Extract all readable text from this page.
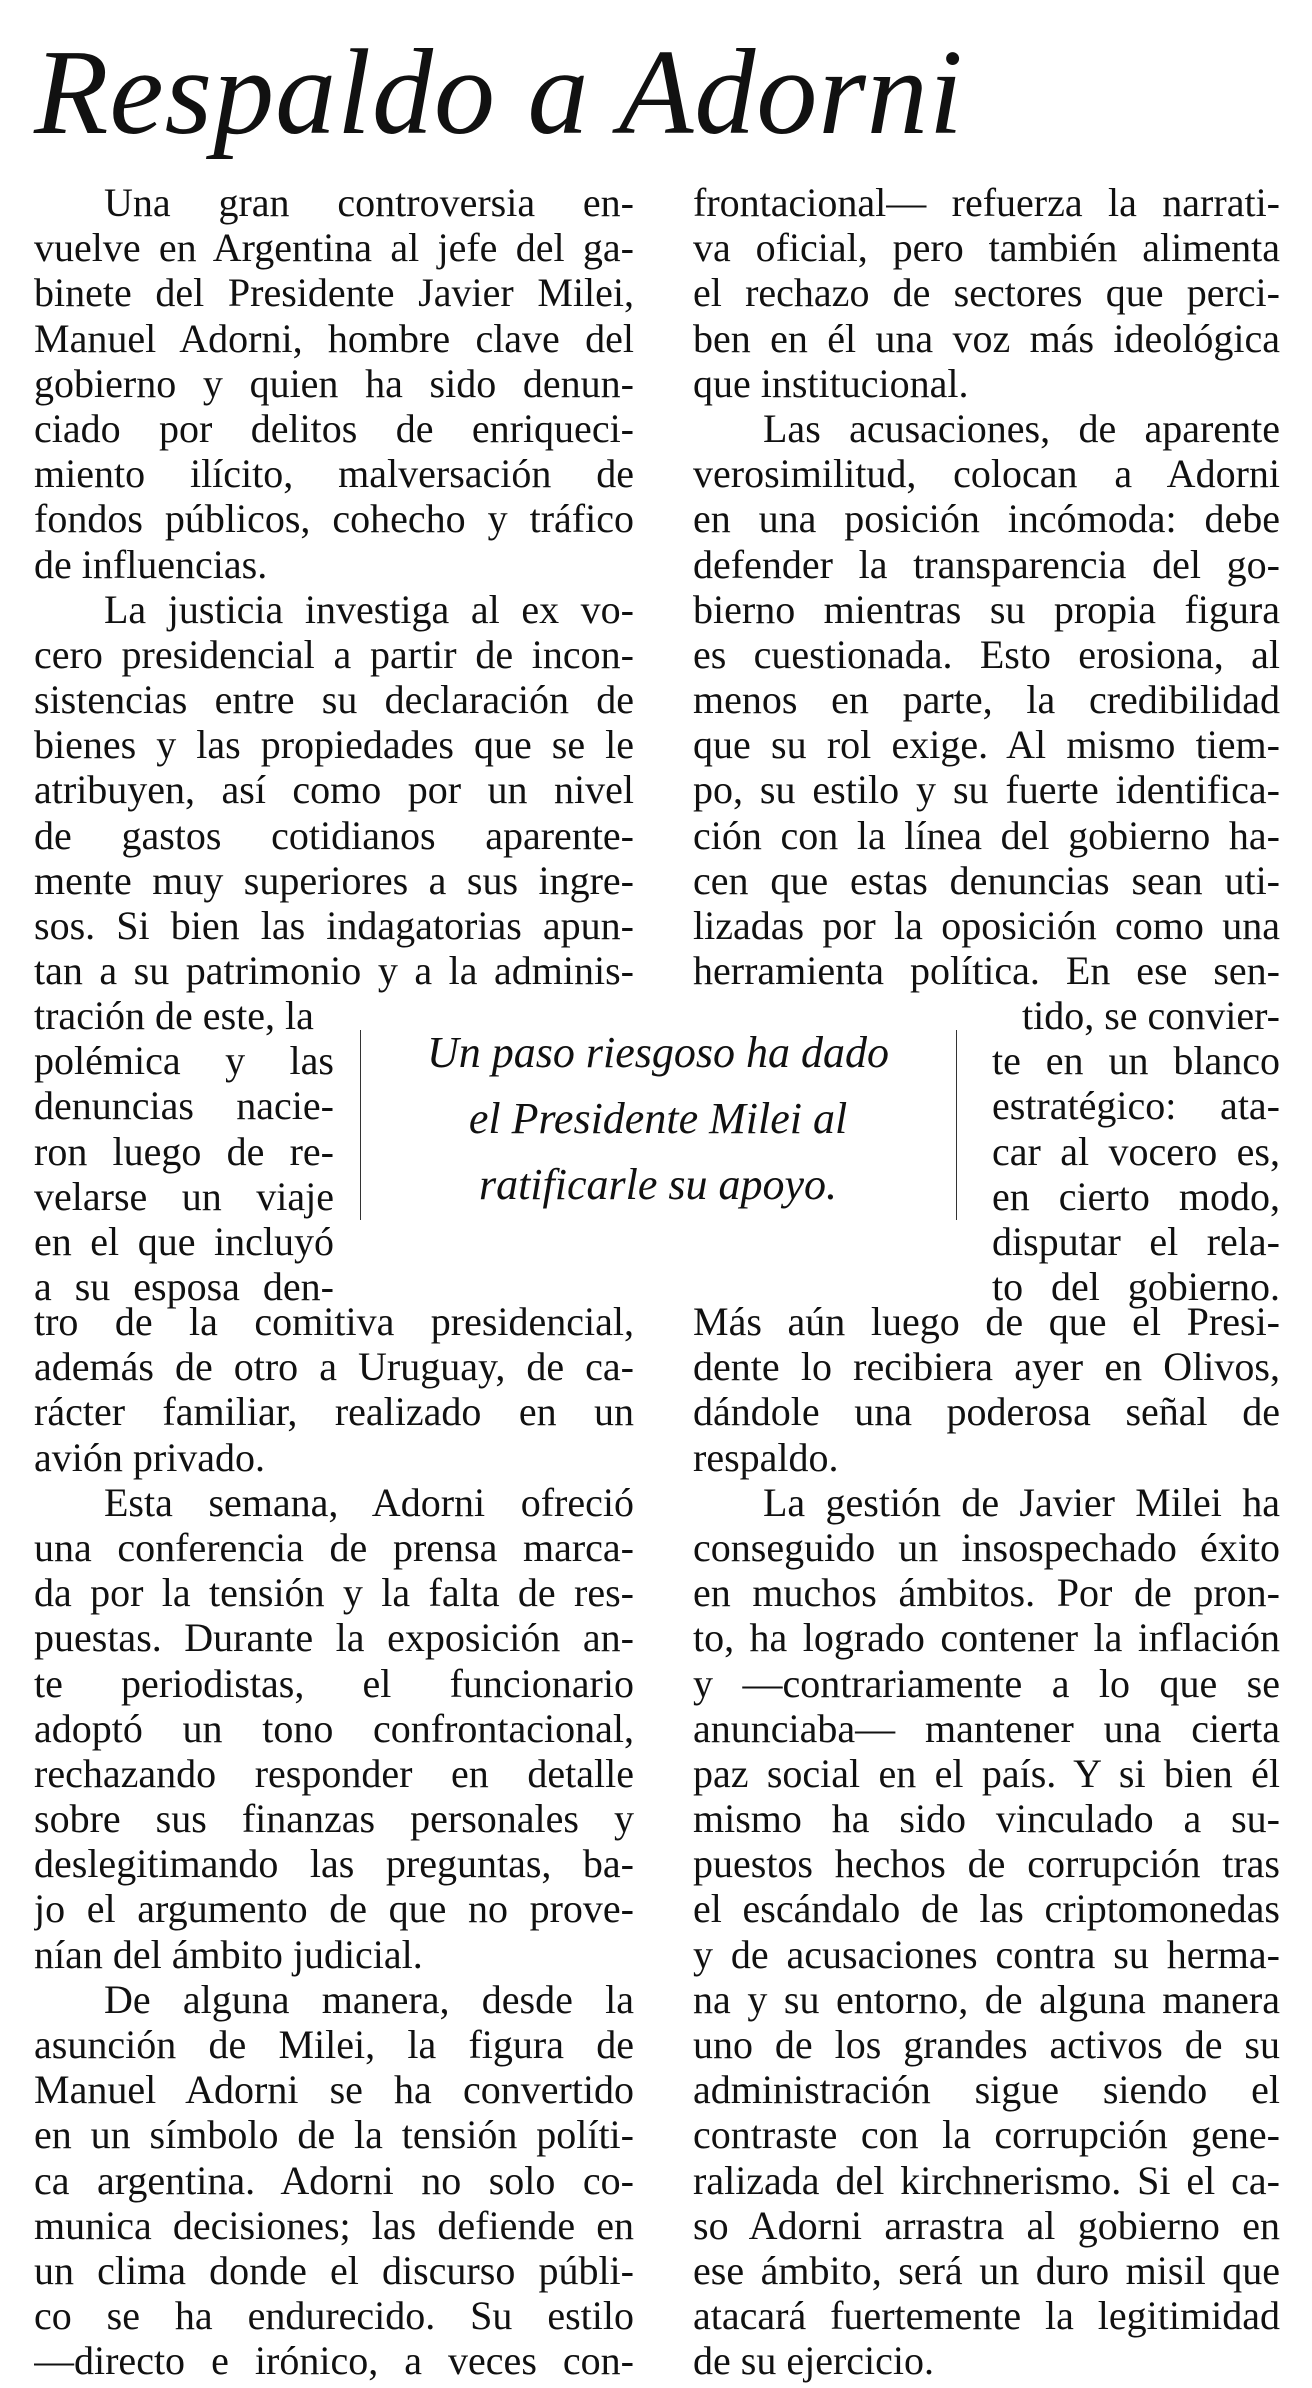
Respaldo a Adorni
Una gran controversia en-
vuelve en Argentina al jefe del ga-
binete del Presidente Javier Milei,
Manuel Adorni, hombre clave del
gobierno y quien ha sido denun-
ciado por delitos de enriqueci-
miento ilícito, malversación de
fondos públicos, cohecho y tráfico
de influencias.
La justicia investiga al ex vo-
cero presidencial a partir de incon-
sistencias entre su declaración de
bienes y las propiedades que se le
atribuyen, así como por un nivel
de gastos cotidianos aparente-
mente muy superiores a sus ingre-
sos. Si bien las indagatorias apun-
tan a su patrimonio y a la adminis-
tración de este, la
polémica y las
denuncias nacie-
ron luego de re-
velarse un viaje
en el que incluyó
a su esposa den-
tro de la comitiva presidencial,
además de otro a Uruguay, de ca-
rácter familiar, realizado en un
avión privado.
Esta semana, Adorni ofreció
una conferencia de prensa marca-
da por la tensión y la falta de res-
puestas. Durante la exposición an-
te periodistas, el funcionario
adoptó un tono confrontacional,
rechazando responder en detalle
sobre sus finanzas personales y
deslegitimando las preguntas, ba-
jo el argumento de que no prove-
nían del ámbito judicial.
De alguna manera, desde la
asunción de Milei, la figura de
Manuel Adorni se ha convertido
en un símbolo de la tensión políti-
ca argentina. Adorni no solo co-
munica decisiones; las defiende en
un clima donde el discurso públi-
co se ha endurecido. Su estilo
—directo e irónico, a veces con-
frontacional— refuerza la narrati-
va oficial, pero también alimenta
el rechazo de sectores que perci-
ben en él una voz más ideológica
que institucional.
Las acusaciones, de aparente
verosimilitud, colocan a Adorni
en una posición incómoda: debe
defender la transparencia del go-
bierno mientras su propia figura
es cuestionada. Esto erosiona, al
menos en parte, la credibilidad
que su rol exige. Al mismo tiem-
po, su estilo y su fuerte identifica-
ción con la línea del gobierno ha-
cen que estas denuncias sean uti-
lizadas por la oposición como una
herramienta política. En ese sen-
tido, se convier-
te en un blanco
estratégico: ata-
car al vocero es,
en cierto modo,
disputar el rela-
to del gobierno.
Más aún luego de que el Presi-
dente lo recibiera ayer en Olivos,
dándole una poderosa señal de
respaldo.
La gestión de Javier Milei ha
conseguido un insospechado éxito
en muchos ámbitos. Por de pron-
to, ha logrado contener la inflación
y —contrariamente a lo que se
anunciaba— mantener una cierta
paz social en el país. Y si bien él
mismo ha sido vinculado a su-
puestos hechos de corrupción tras
el escándalo de las criptomonedas
y de acusaciones contra su herma-
na y su entorno, de alguna manera
uno de los grandes activos de su
administración sigue siendo el
contraste con la corrupción gene-
ralizada del kirchnerismo. Si el ca-
so Adorni arrastra al gobierno en
ese ámbito, será un duro misil que
atacará fuertemente la legitimidad
de su ejercicio.
Un paso riesgoso ha dado
el Presidente Milei al
ratificarle su apoyo.
